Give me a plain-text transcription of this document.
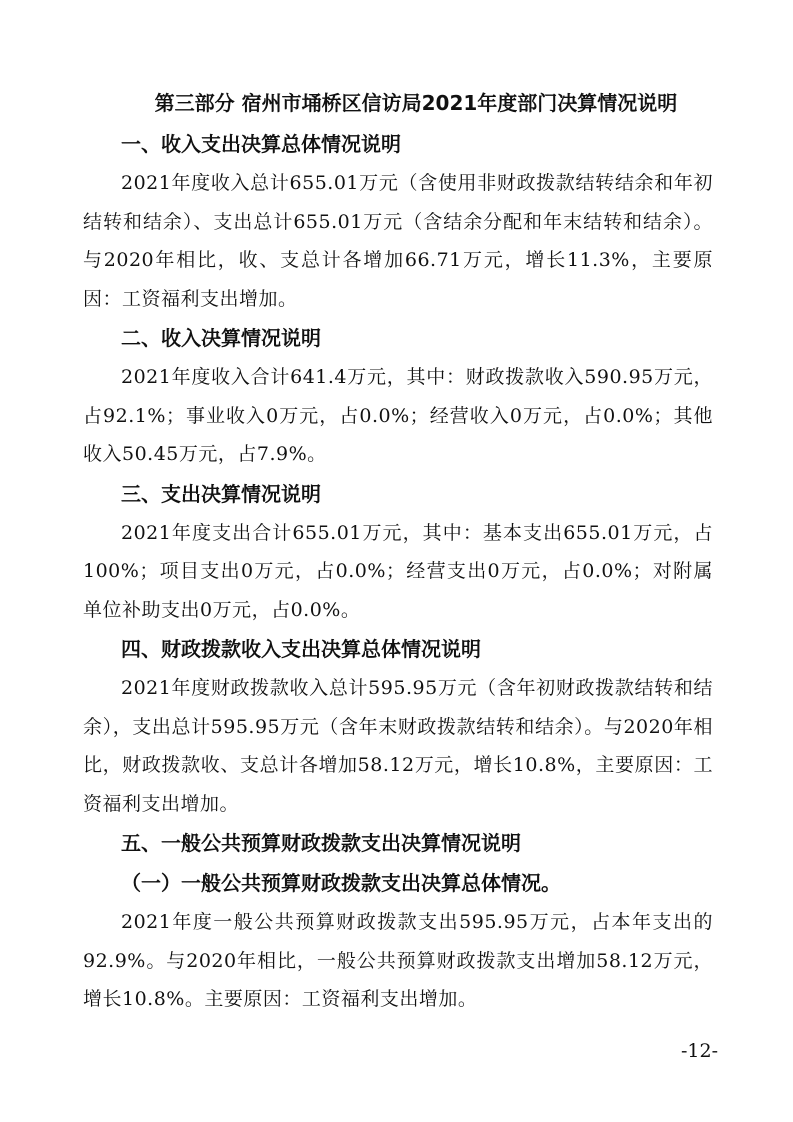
第三部分 宿州市埇桥区信访局2021年度部门决算情况说明
一、收入支出决算总体情况说明

2021年度收入总计655.01万元（含使用非财政拨款结转结余和年初结转和结余）、支出总计655.01万元（含结余分配和年末结转和结余）。与2020年相比，收、支总计各增加66.71万元，增长11.3%，主要原因：工资福利支出增加。

二、收入决算情况说明

2021年度收入合计641.4万元，其中：财政拨款收入590.95万元，占92.1%；事业收入0万元，占0.0%；经营收入0万元，占0.0%；其他收入50.45万元，占7.9%。

三、支出决算情况说明

2021年度支出合计655.01万元，其中：基本支出655.01万元，占100%；项目支出0万元，占0.0%；经营支出0万元，占0.0%；对附属单位补助支出0万元，占0.0%。

四、财政拨款收入支出决算总体情况说明

2021年度财政拨款收入总计595.95万元（含年初财政拨款结转和结余），支出总计595.95万元（含年末财政拨款结转和结余）。与2020年相比，财政拨款收、支总计各增加58.12万元，增长10.8%，主要原因：工资福利支出增加。

五、一般公共预算财政拨款支出决算情况说明
（一）一般公共预算财政拨款支出决算总体情况。

2021年度一般公共预算财政拨款支出595.95万元，占本年支出的92.9%。与2020年相比，一般公共预算财政拨款支出增加58.12万元，增长10.8%。主要原因：工资福利支出增加。

-12-
